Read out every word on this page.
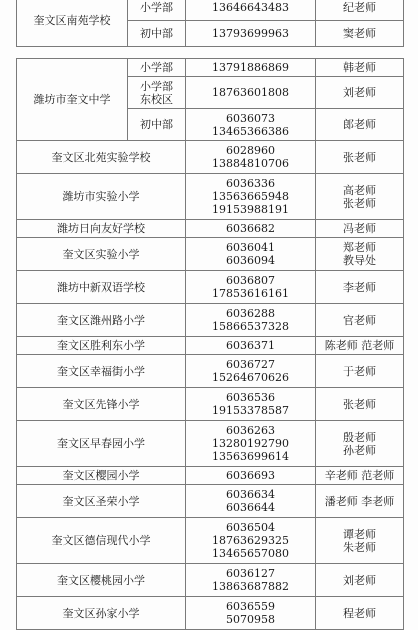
奎文区南苑学校	小学部	13646643483	纪老师

	初中部	13793699963	窦老师
潍坊市奎文中学	小学部	13791886869	韩老师

	小学部
东校区	18763601808	刘老师

	初中部	6036073
13465366386	郎老师

奎文区北苑实验学校		6028960
13884810706	张老师

潍坊市实验小学		6036336
13563665948
19153988191	高老师
张老师

潍坊日向友好学校		6036682	冯老师

奎文区实验小学		6036041
6036094	郑老师
教导处

潍坊中新双语学校		6036807
17853616161	李老师

奎文区潍州路小学		6036288
15866537328	官老师

奎文区胜利东小学		6036371	陈老师 范老师

奎文区幸福街小学		6036727
15264670626	于老师

奎文区先锋小学		6036536
19153378587	张老师

奎文区早春园小学		6036263
13280192790
13563699614	殷老师
孙老师

奎文区樱园小学		6036693	辛老师 范老师

奎文区圣荣小学		6036634
6036644	潘老师 李老师

奎文区德信现代小学		6036504
18763629325
13465657080	谭老师
朱老师

奎文区樱桃园小学		6036127
13863687882	刘老师

奎文区孙家小学		6036559
5070958	程老师
